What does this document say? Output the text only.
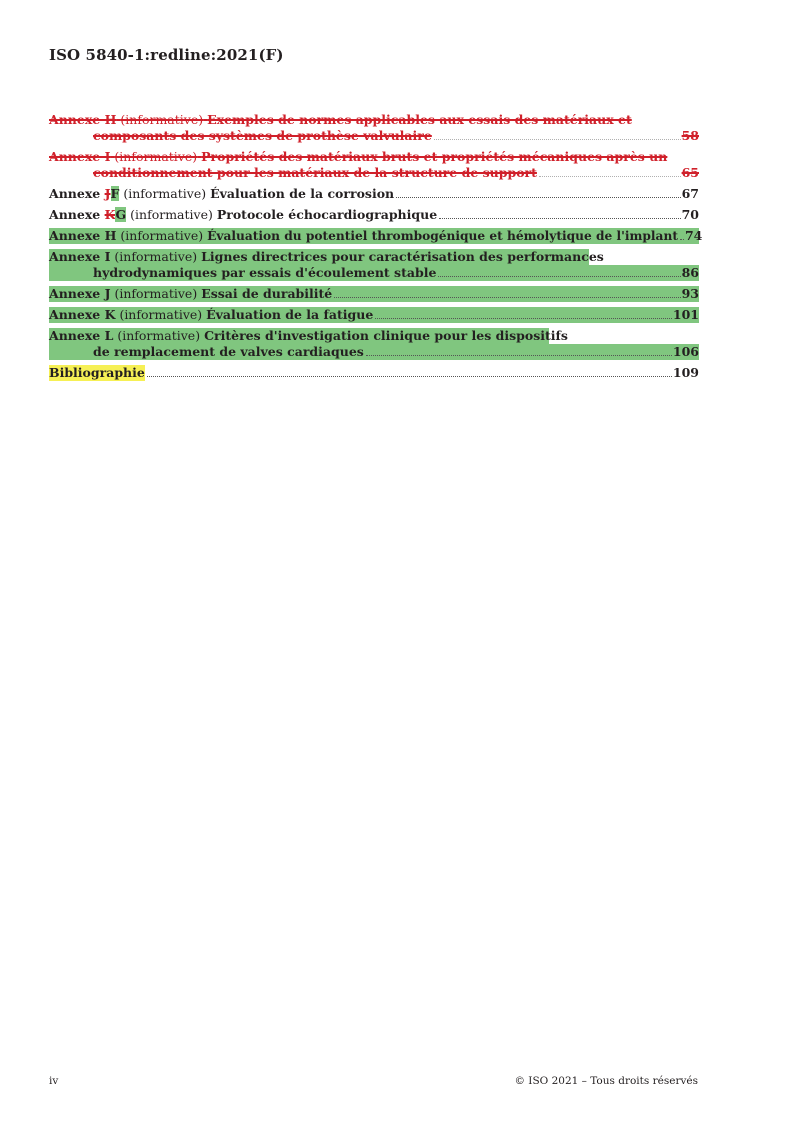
ISO 5840-1:redline:2021(F)
Annexe H (informative) Exemples de normes applicables aux essais des matériaux et
composants des systèmes de prothèse valvulaire	58
Annexe I (informative) Propriétés des matériaux bruts et propriétés mécaniques après un
conditionnement pour les matériaux de la structure de support	65
Annexe JF (informative) Évaluation de la corrosion	67
Annexe KG (informative) Protocole échocardiographique	70
Annexe H (informative) Évaluation du potentiel thrombogénique et hémolytique de l'implant 74
Annexe I (informative) Lignes directrices pour caractérisation des performances
hydrodynamiques par essais d'écoulement stable	86
Annexe J (informative) Essai de durabilité	93
Annexe K (informative) Évaluation de la fatigue	101
Annexe L (informative) Critères d'investigation clinique pour les dispositifs
de remplacement de valves cardiaques	106
Bibliographie	109
iv	© ISO 2021 – Tous droits réservés
